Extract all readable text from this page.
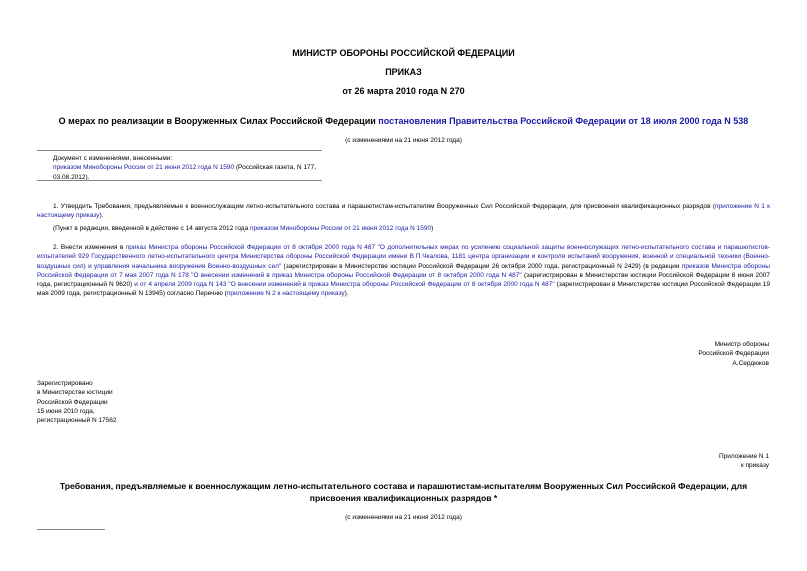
МИНИСТР ОБОРОНЫ РОССИЙСКОЙ ФЕДЕРАЦИИ
ПРИКАЗ
от 26 марта 2010 года N 270
О мерах по реализации в Вооруженных Силах Российской Федерации постановления Правительства Российской Федерации от 18 июля 2000 года N 538
(с изменениями на 21 июня 2012 года)
Документ с изменениями, внесенными:
приказом Минобороны России от 21 июня 2012 года N 1590 (Российская газета, N 177, 03.08.2012).
1. Утвердить Требования, предъявляемые к военнослужащим летно-испытательного состава и парашютистам-испытателям Вооруженных Сил Российской Федерации, для присвоения квалификационных разрядов (приложение N 1 к настоящему приказу).
(Пункт в редакции, введенной в действие с 14 августа 2012 года приказом Минобороны России от 21 июня 2012 года N 1590)
2. Внести изменения в приказ Министра обороны Российской Федерации от 8 октября 2000 года N 487 "О дополнительных мерах по усилению социальной защиты военнослужащих летно-испытательного состава и парашютистов-испытателей 929 Государственного летно-испытательного центра Министерства обороны Российской Федерации имени В.П.Чкалова, 1181 центра организации и контроля испытаний вооружения, военной и специальной техники (Военно-воздушных сил) и управления начальника вооружения Военно-воздушных сил" (зарегистрирован в Министерстве юстиции Российской Федерации 26 октября 2000 года, регистрационный N 2429) (в редакции приказов Министра обороны Российской Федерации от 7 мая 2007 года N 178 "О внесении изменений в приказ Министра обороны Российской Федерации от 8 октября 2000 года N 487" (зарегистрирован в Министерстве юстиции Российской Федерации 8 июня 2007 года, регистрационный N 9620) и от 4 апреля 2009 года N 143 "О внесении изменений в приказ Министра обороны Российской Федерации от 8 октября 2000 года N 487" (зарегистрирован в Министерстве юстиции Российской Федерации 19 мая 2009 года, регистрационный N 13945) согласно Перечню (приложение N 2 к настоящему приказу).
Министр обороны
Российской Федерации
А.Сердюков
Зарегистрировано
в Министерстве юстиции
Российской Федерации
15 июня 2010 года,
регистрационный N 17562
Приложение N 1
к приказу
Требования, предъявляемые к военнослужащим летно-испытательного состава и парашютистам-испытателям Вооруженных Сил Российской Федерации, для
присвоения квалификационных разрядов *
(с изменениями на 21 июня 2012 года)
